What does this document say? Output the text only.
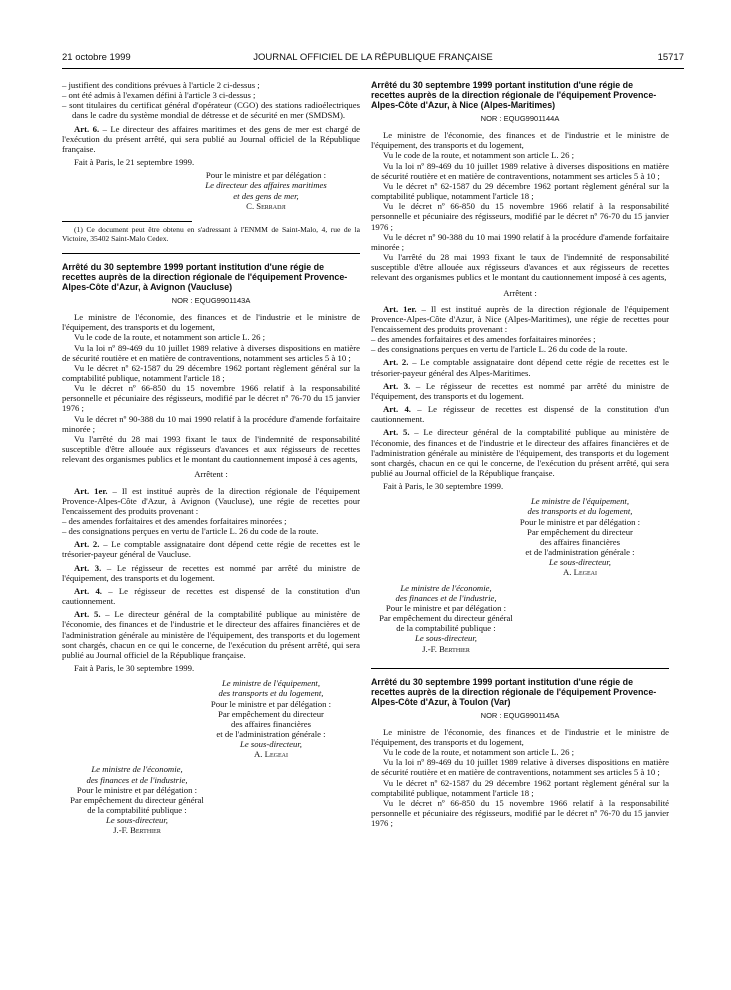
21 octobre 1999	JOURNAL OFFICIEL DE LA RÉPUBLIQUE FRANÇAISE	15717

– justifient des conditions prévues à l'article 2 ci-dessus ;

– ont été admis à l'examen défini à l'article 3 ci-dessus ;

– sont titulaires du certificat général d'opérateur (CGO) des stations radioélectriques dans le cadre du système mondial de détresse et de sécurité en mer (SMDSM).

Art. 6. – Le directeur des affaires maritimes et des gens de mer est chargé de l'exécution du présent arrêté, qui sera publié au Journal officiel de la République française.

Fait à Paris, le 21 septembre 1999.

Pour le ministre et par délégation :
Le directeur des affaires maritimes
et des gens de mer,
C. Serradji

(1) Ce document peut être obtenu en s'adressant à l'ENMM de Saint-Malo, 4, rue de la Victoire, 35402 Saint-Malo Cedex.

Arrêté du 30 septembre 1999 portant institution d'une régie de recettes auprès de la direction régionale de l'équipement Provence-Alpes-Côte d'Azur, à Avignon (Vaucluse)

NOR : EQUG9901143A

Le ministre de l'économie, des finances et de l'industrie et le ministre de l'équipement, des transports et du logement,

Vu le code de la route, et notamment son article L. 26 ;

Vu la loi nº 89-469 du 10 juillet 1989 relative à diverses dispositions en matière de sécurité routière et en matière de contraventions, notamment ses articles 5 à 10 ;

Vu le décret nº 62-1587 du 29 décembre 1962 portant règlement général sur la comptabilité publique, notamment l'article 18 ;

Vu le décret nº 66-850 du 15 novembre 1966 relatif à la responsabilité personnelle et pécuniaire des régisseurs, modifié par le décret nº 76-70 du 15 janvier 1976 ;

Vu le décret nº 90-388 du 10 mai 1990 relatif à la procédure d'amende forfaitaire minorée ;

Vu l'arrêté du 28 mai 1993 fixant le taux de l'indemnité de responsabilité susceptible d'être allouée aux régisseurs d'avances et aux régisseurs de recettes relevant des organismes publics et le montant du cautionnement imposé à ces agents,

Arrêtent :

Art. 1er. – Il est institué auprès de la direction régionale de l'équipement Provence-Alpes-Côte d'Azur, à Avignon (Vaucluse), une régie de recettes pour l'encaissement des produits provenant :

– des amendes forfaitaires et des amendes forfaitaires minorées ;

– des consignations perçues en vertu de l'article L. 26 du code de la route.

Art. 2. – Le comptable assignataire dont dépend cette régie de recettes est le trésorier-payeur général de Vaucluse.

Art. 3. – Le régisseur de recettes est nommé par arrêté du ministre de l'équipement, des transports et du logement.

Art. 4. – Le régisseur de recettes est dispensé de la constitution d'un cautionnement.

Art. 5. – Le directeur général de la comptabilité publique au ministère de l'économie, des finances et de l'industrie et le directeur des affaires financières et de l'administration générale au ministère de l'équipement, des transports et du logement sont chargés, chacun en ce qui le concerne, de l'exécution du présent arrêté, qui sera publié au Journal officiel de la République française.

Fait à Paris, le 30 septembre 1999.

Le ministre de l'équipement,
des transports et du logement,
Pour le ministre et par délégation :
Par empêchement du directeur
des affaires financières
et de l'administration générale :
Le sous-directeur,
A. Legeai
Le ministre de l'économie,
des finances et de l'industrie,
Pour le ministre et par délégation :
Par empêchement du directeur général
de la comptabilité publique :
Le sous-directeur,
J.-F. Berthier

Arrêté du 30 septembre 1999 portant institution d'une régie de recettes auprès de la direction régionale de l'équipement Provence-Alpes-Côte d'Azur, à Nice (Alpes-Maritimes)

NOR : EQUG9901144A

Le ministre de l'économie, des finances et de l'industrie et le ministre de l'équipement, des transports et du logement,

Vu le code de la route, et notamment son article L. 26 ;

Vu la loi nº 89-469 du 10 juillet 1989 relative à diverses dispositions en matière de sécurité routière et en matière de contraventions, notamment ses articles 5 à 10 ;

Vu le décret nº 62-1587 du 29 décembre 1962 portant règlement général sur la comptabilité publique, notamment l'article 18 ;

Vu le décret nº 66-850 du 15 novembre 1966 relatif à la responsabilité personnelle et pécuniaire des régisseurs, modifié par le décret nº 76-70 du 15 janvier 1976 ;

Vu le décret nº 90-388 du 10 mai 1990 relatif à la procédure d'amende forfaitaire minorée ;

Vu l'arrêté du 28 mai 1993 fixant le taux de l'indemnité de responsabilité susceptible d'être allouée aux régisseurs d'avances et aux régisseurs de recettes relevant des organismes publics et le montant du cautionnement imposé à ces agents,

Arrêtent :

Art. 1er. – Il est institué auprès de la direction régionale de l'équipement Provence-Alpes-Côte d'Azur, à Nice (Alpes-Maritimes), une régie de recettes pour l'encaissement des produits provenant :

– des amendes forfaitaires et des amendes forfaitaires minorées ;

– des consignations perçues en vertu de l'article L. 26 du code de la route.

Art. 2. – Le comptable assignataire dont dépend cette régie de recettes est le trésorier-payeur général des Alpes-Maritimes.

Art. 3. – Le régisseur de recettes est nommé par arrêté du ministre de l'équipement, des transports et du logement.

Art. 4. – Le régisseur de recettes est dispensé de la constitution d'un cautionnement.

Art. 5. – Le directeur général de la comptabilité publique au ministère de l'économie, des finances et de l'industrie et le directeur des affaires financières et de l'administration générale au ministère de l'équipement, des transports et du logement sont chargés, chacun en ce qui le concerne, de l'exécution du présent arrêté, qui sera publié au Journal officiel de la République française.

Fait à Paris, le 30 septembre 1999.

Le ministre de l'équipement,
des transports et du logement,
Pour le ministre et par délégation :
Par empêchement du directeur
des affaires financières
et de l'administration générale :
Le sous-directeur,
A. Legeai
Le ministre de l'économie,
des finances et de l'industrie,
Pour le ministre et par délégation :
Par empêchement du directeur général
de la comptabilité publique :
Le sous-directeur,
J.-F. Berthier

Arrêté du 30 septembre 1999 portant institution d'une régie de recettes auprès de la direction régionale de l'équipement Provence-Alpes-Côte d'Azur, à Toulon (Var)

NOR : EQUG9901145A

Le ministre de l'économie, des finances et de l'industrie et le ministre de l'équipement, des transports et du logement,

Vu le code de la route, et notamment son article L. 26 ;

Vu la loi nº 89-469 du 10 juillet 1989 relative à diverses dispositions en matière de sécurité routière et en matière de contraventions, notamment ses articles 5 à 10 ;

Vu le décret nº 62-1587 du 29 décembre 1962 portant règlement général sur la comptabilité publique, notamment l'article 18 ;

Vu le décret nº 66-850 du 15 novembre 1966 relatif à la responsabilité personnelle et pécuniaire des régisseurs, modifié par le décret nº 76-70 du 15 janvier 1976 ;
